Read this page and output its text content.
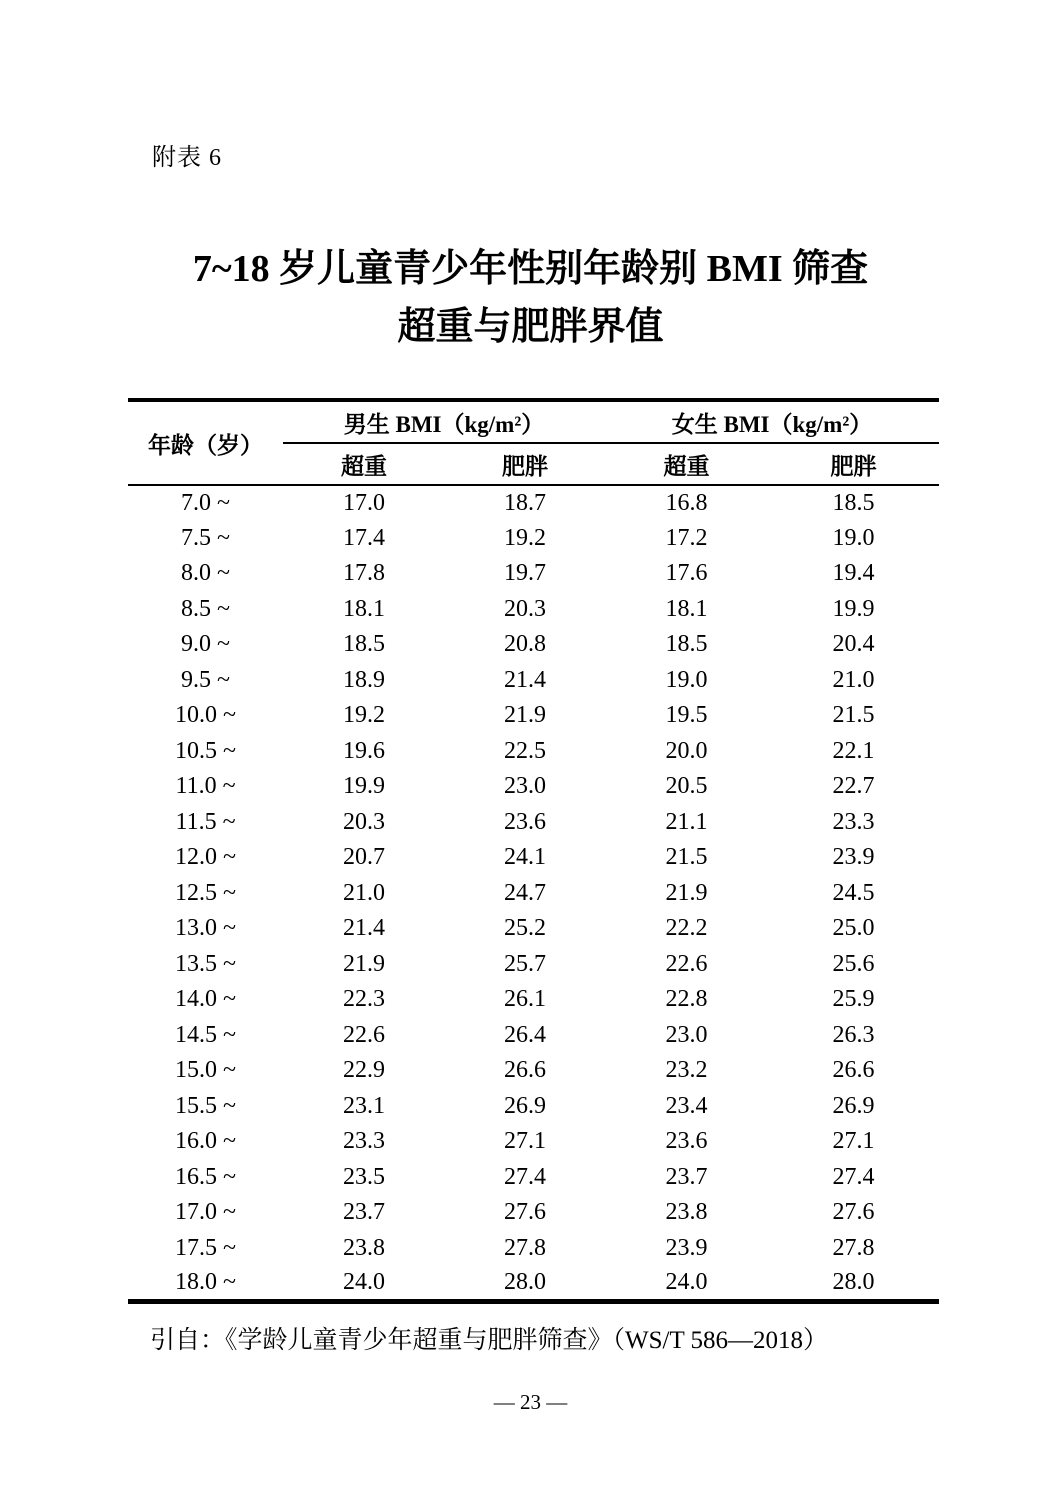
附表 6
7~18 岁儿童青少年性别年龄别 BMI 筛查
超重与肥胖界值
年龄（岁）	男生 BMI（kg/m²）		女生 BMI（kg/m²）	
	超重	肥胖	超重	肥胖
7.0 ~	17.0	18.7	16.8	18.5
7.5 ~	17.4	19.2	17.2	19.0
8.0 ~	17.8	19.7	17.6	19.4
8.5 ~	18.1	20.3	18.1	19.9
9.0 ~	18.5	20.8	18.5	20.4
9.5 ~	18.9	21.4	19.0	21.0
10.0 ~	19.2	21.9	19.5	21.5
10.5 ~	19.6	22.5	20.0	22.1
11.0 ~	19.9	23.0	20.5	22.7
11.5 ~	20.3	23.6	21.1	23.3
12.0 ~	20.7	24.1	21.5	23.9
12.5 ~	21.0	24.7	21.9	24.5
13.0 ~	21.4	25.2	22.2	25.0
13.5 ~	21.9	25.7	22.6	25.6
14.0 ~	22.3	26.1	22.8	25.9
14.5 ~	22.6	26.4	23.0	26.3
15.0 ~	22.9	26.6	23.2	26.6
15.5 ~	23.1	26.9	23.4	26.9
16.0 ~	23.3	27.1	23.6	27.1
16.5 ~	23.5	27.4	23.7	27.4
17.0 ~	23.7	27.6	23.8	27.6
17.5 ~	23.8	27.8	23.9	27.8
18.0 ~	24.0	28.0	24.0	28.0
引自：《学龄儿童青少年超重与肥胖筛查》（WS/T 586—2018）
— 23 —
